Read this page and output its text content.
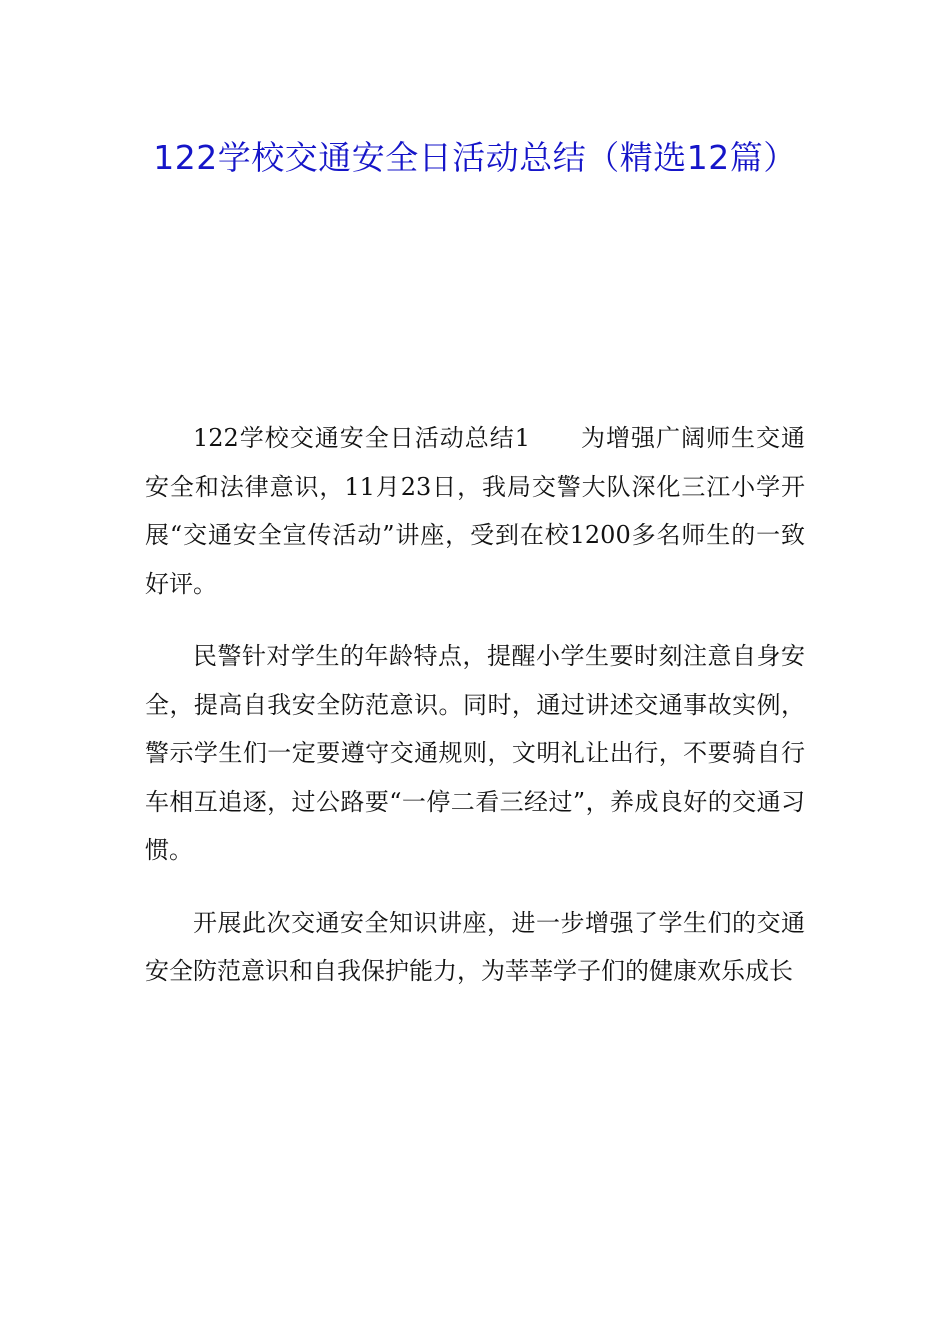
122学校交通安全日活动总结（精选12篇）

122学校交通安全日活动总结1　　为增强广阔师生交通安全和法律意识，11月23日，我局交警大队深化三江小学开展“交通安全宣传活动”讲座，受到在校1200多名师生的一致好评。

民警针对学生的年龄特点，提醒小学生要时刻注意自身安全，提高自我安全防范意识。同时，通过讲述交通事故实例，警示学生们一定要遵守交通规则，文明礼让出行，不要骑自行车相互追逐，过公路要“一停二看三经过”，养成良好的交通习惯。

开展此次交通安全知识讲座，进一步增强了学生们的交通安全防范意识和自我保护能力，为莘莘学子们的健康欢乐成长
